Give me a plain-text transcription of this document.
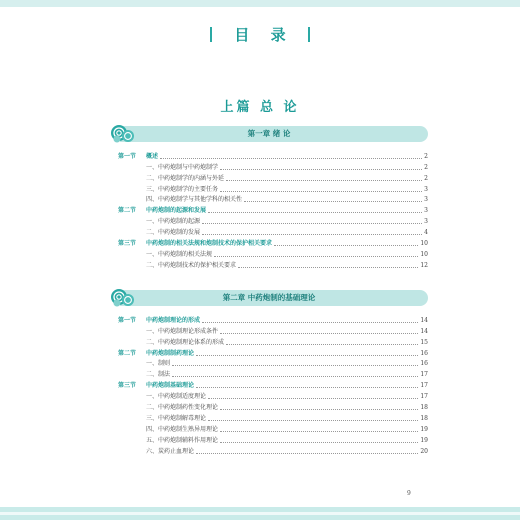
目 录
上篇 总 论
第一章 绪 论
第一节	概述	2
一、中药炮制与中药炮制学	2
二、中药炮制学的内涵与外延	2
三、中药炮制学的主要任务	3
四、中药炮制学与其他学科的相关性	3
第二节	中药炮制的起源和发展	3
一、中药炮制的起源	3
二、中药炮制的发展	4
第三节	中药炮制的相关法规和炮制技术的保护相关要求	10
一、中药炮制的相关法规	10
二、中药炮制技术的保护相关要求	12
第二章 中药炮制的基础理论
第一节	中药炮制理论的形成	14
一、中药炮制理论形成条件	14
二、中药炮制理论体系的形成	15
第二节	中药炮制制药理论	16
一、制则	16
二、制法	17
第三节	中药炮制基础理论	17
一、中药炮制适度理论	17
二、中药炮制药性变化理论	18
三、中药炮制解毒理论	18
四、中药炮制生熟异用理论	19
五、中药炮制辅料作用理论	19
六、炭药止血理论	20
9
